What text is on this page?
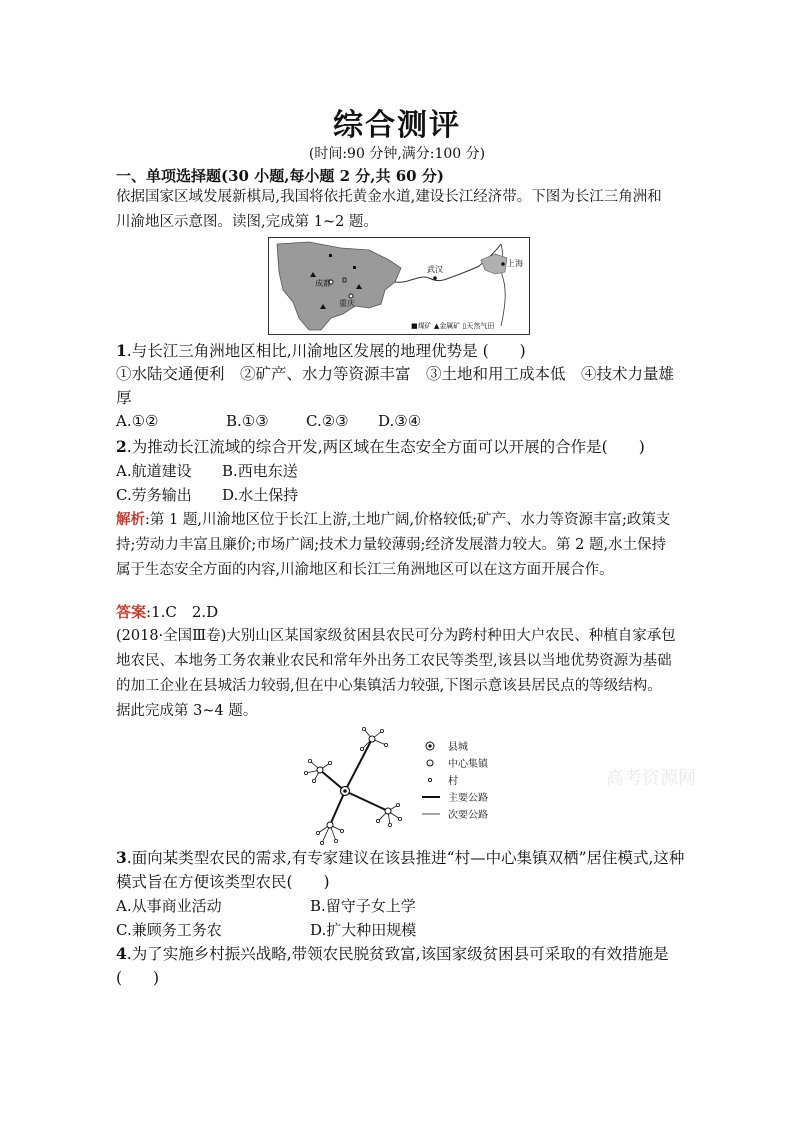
综合测评
(时间:90 分钟,满分:100 分)
一、单项选择题(30 小题,每小题 2 分,共 60 分)
依据国家区域发展新棋局,我国将依托黄金水道,建设长江经济带。下图为长江三角洲和川渝地区示意图。读图,完成第 1~2 题。
成都
重庆
武汉
上海
■煤矿 ▲金属矿 ▯天然气田
1.与长江三角洲地区相比,川渝地区发展的地理优势是 (　　)
①水陆交通便利　②矿产、水力等资源丰富　③土地和用工成本低　④技术力量雄厚
A.①②	B.①③ C.②③ D.③④
2.为推动长江流域的综合开发,两区域在生态安全方面可以开展的合作是(　　)
A.航道建设 B.西电东送
C.劳务输出 D.水土保持
解析:第 1 题,川渝地区位于长江上游,土地广阔,价格较低;矿产、水力等资源丰富;政策支持;劳动力丰富且廉价;市场广阔;技术力量较薄弱;经济发展潜力较大。第 2 题,水土保持属于生态安全方面的内容,川渝地区和长江三角洲地区可以在这方面开展合作。
答案:1.C　2.D
(2018·全国Ⅲ卷)大别山区某国家级贫困县农民可分为跨村种田大户农民、种植自家承包地农民、本地务工务农兼业农民和常年外出务工农民等类型,该县以当地优势资源为基础的加工企业在县城活力较弱,但在中心集镇活力较强,下图示意该县居民点的等级结构。据此完成第 3~4 题。
县城
中心集镇
村
主要公路
次要公路
高考资源网
3.面向某类型农民的需求,有专家建议在该县推进“村—中心集镇双栖”居住模式,这种模式旨在方便该类型农民(　　)
A.从事商业活动	B.留守子女上学
C.兼顾务工务农	D.扩大种田规模
4.为了实施乡村振兴战略,带领农民脱贫致富,该国家级贫困县可采取的有效措施是(　　)
